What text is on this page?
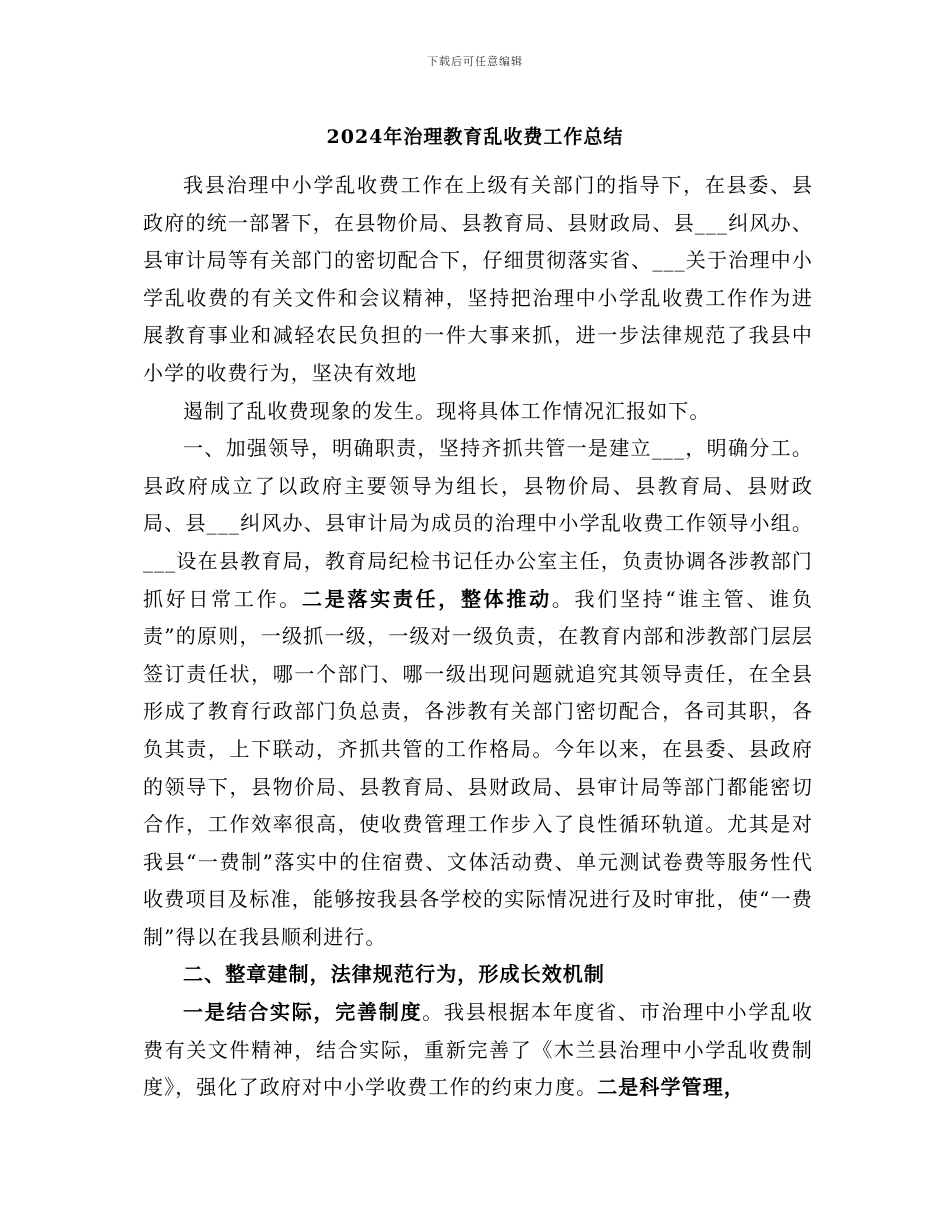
下载后可任意编辑
2024年治理教育乱收费工作总结

我县治理中小学乱收费工作在上级有关部门的指导下，在县委、县政府的统一部署下，在县物价局、县教育局、县财政局、县___纠风办、县审计局等有关部门的密切配合下，仔细贯彻落实省、___关于治理中小学乱收费的有关文件和会议精神，坚持把治理中小学乱收费工作作为进展教育事业和减轻农民负担的一件大事来抓，进一步法律规范了我县中小学的收费行为，坚决有效地

遏制了乱收费现象的发生。现将具体工作情况汇报如下。

一、加强领导，明确职责，坚持齐抓共管一是建立___，明确分工。县政府成立了以政府主要领导为组长，县物价局、县教育局、县财政局、县___纠风办、县审计局为成员的治理中小学乱收费工作领导小组。___设在县教育局，教育局纪检书记任办公室主任，负责协调各涉教部门抓好日常工作。二是落实责任，整体推动。我们坚持“谁主管、谁负责”的原则，一级抓一级，一级对一级负责，在教育内部和涉教部门层层签订责任状，哪一个部门、哪一级出现问题就追究其领导责任，在全县形成了教育行政部门负总责，各涉教有关部门密切配合，各司其职，各负其责，上下联动，齐抓共管的工作格局。今年以来，在县委、县政府的领导下，县物价局、县教育局、县财政局、县审计局等部门都能密切合作，工作效率很高，使收费管理工作步入了良性循环轨道。尤其是对我县“一费制”落实中的住宿费、文体活动费、单元测试卷费等服务性代收费项目及标准，能够按我县各学校的实际情况进行及时审批，使“一费制”得以在我县顺利进行。

二、整章建制，法律规范行为，形成长效机制

一是结合实际，完善制度。我县根据本年度省、市治理中小学乱收费有关文件精神，结合实际，重新完善了《木兰县治理中小学乱收费制度》，强化了政府对中小学收费工作的约束力度。二是科学管理，
